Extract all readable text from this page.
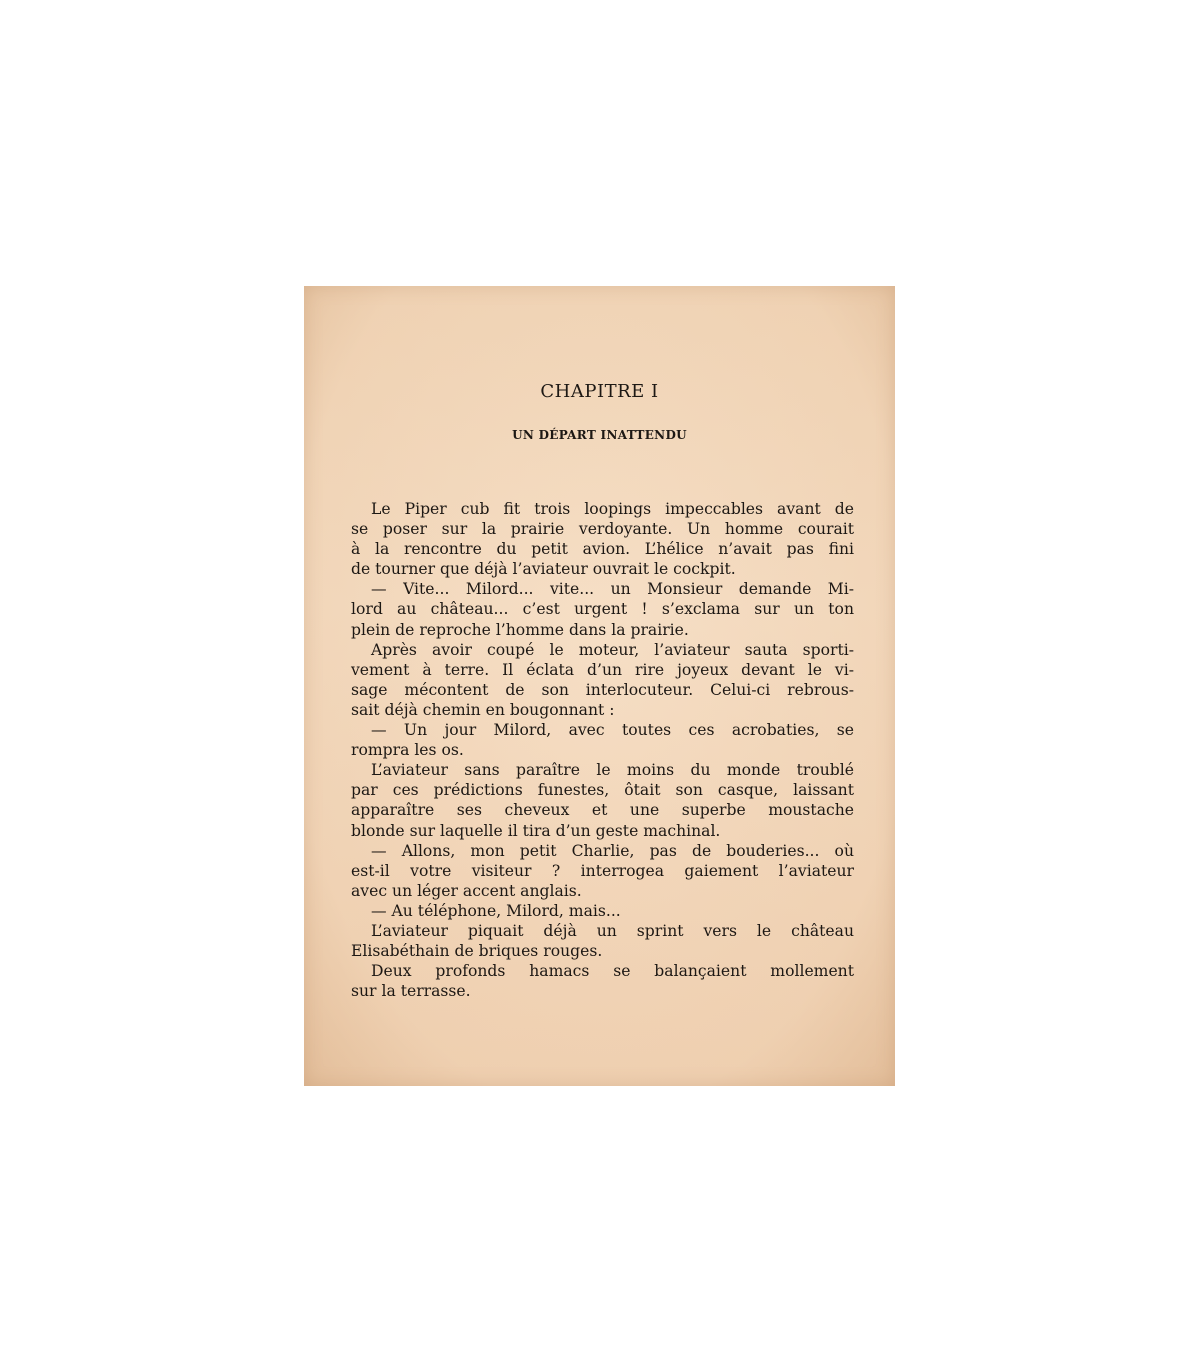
CHAPITRE I
UN DÉPART INATTENDU
Le Piper cub fit trois loopings impeccables avant de
se poser sur la prairie verdoyante. Un homme courait
à la rencontre du petit avion. L’hélice n’avait pas fini
de tourner que déjà l’aviateur ouvrait le cockpit.
— Vite... Milord... vite... un Monsieur demande Mi-
lord au château... c’est urgent ! s’exclama sur un ton
plein de reproche l’homme dans la prairie.
Après avoir coupé le moteur, l’aviateur sauta sporti-
vement à terre. Il éclata d’un rire joyeux devant le vi-
sage mécontent de son interlocuteur. Celui-ci rebrous-
sait déjà chemin en bougonnant :
— Un jour Milord, avec toutes ces acrobaties, se
rompra les os.
L’aviateur sans paraître le moins du monde troublé
par ces prédictions funestes, ôtait son casque, laissant
apparaître ses cheveux et une superbe moustache
blonde sur laquelle il tira d’un geste machinal.
— Allons, mon petit Charlie, pas de bouderies... où
est-il votre visiteur ? interrogea gaiement l’aviateur
avec un léger accent anglais.
— Au téléphone, Milord, mais...
L’aviateur piquait déjà un sprint vers le château
Elisabéthain de briques rouges.
Deux profonds hamacs se balançaient mollement
sur la terrasse.
